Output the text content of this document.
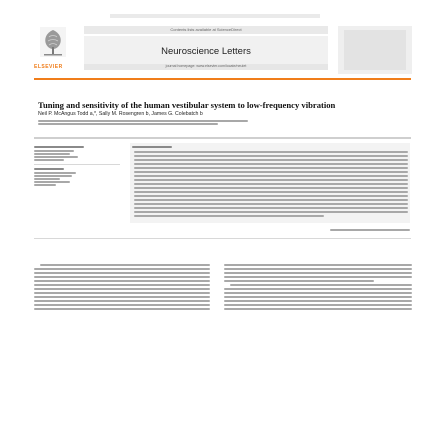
ELSEVIER
Contents lists available at ScienceDirect
Neuroscience Letters
journal homepage: www.elsevier.com/locate/neulet
Tuning and sensitivity of the human vestibular system to low-frequency vibration
Neil P. McAngus Todd a,*, Sally M. Rosengren b, James G. Colebatch b
